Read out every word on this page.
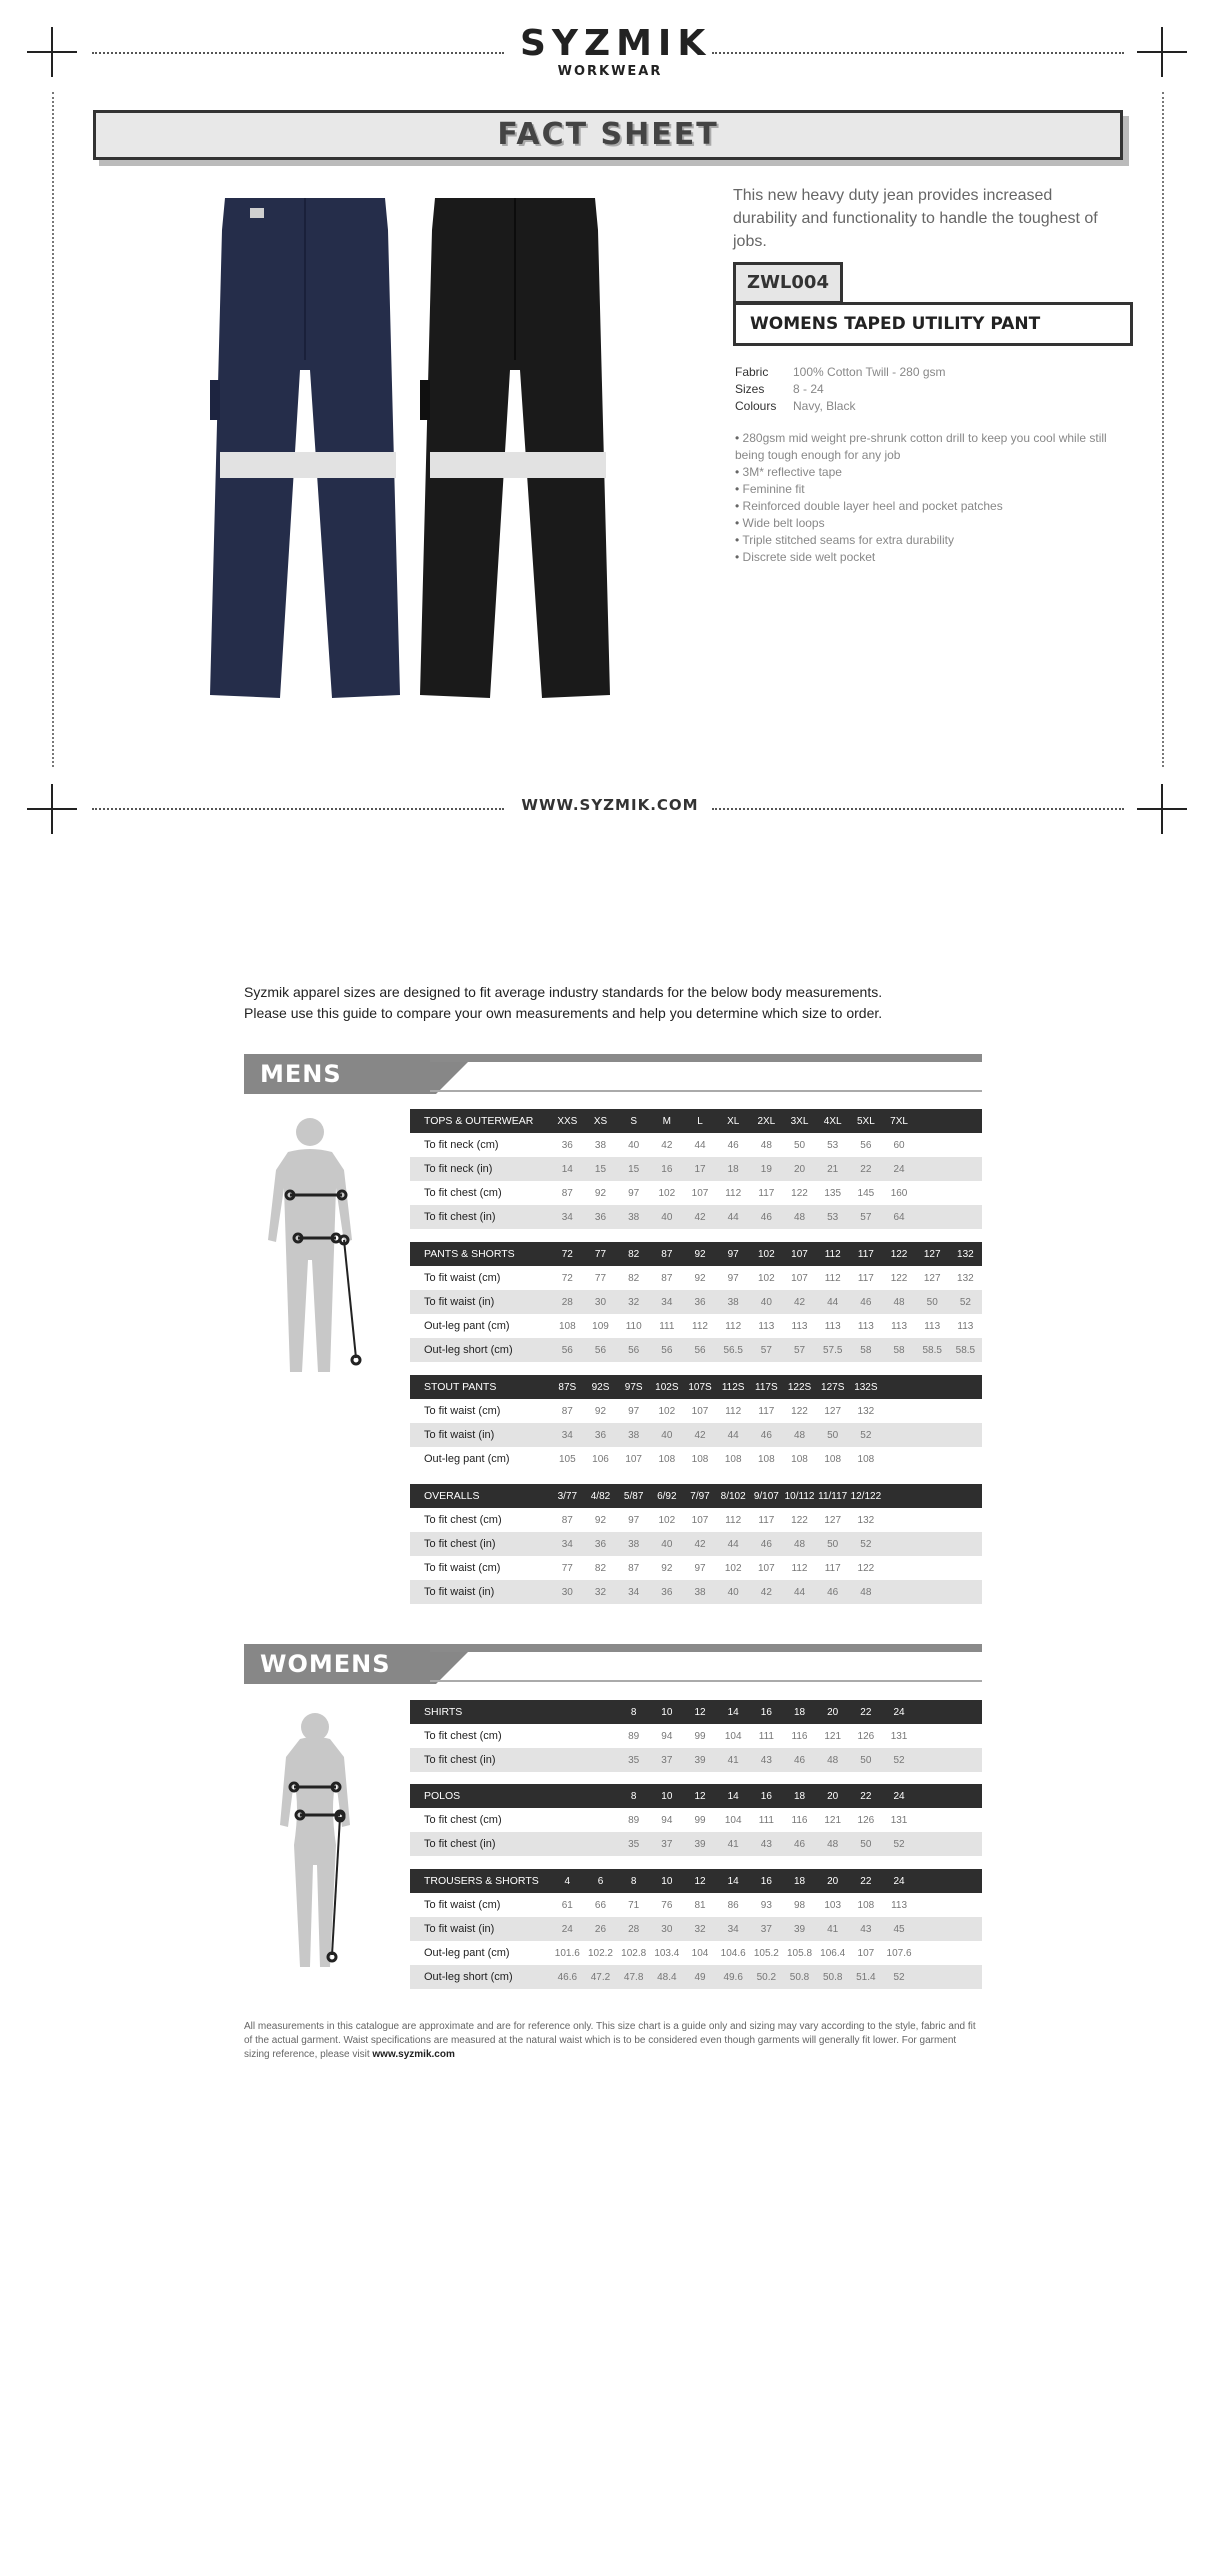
SYZMIK
WORKWEAR
FACT SHEET
This new heavy duty jean provides increased durability and functionality to handle the toughest of jobs.
ZWL004
WOMENS TAPED UTILITY PANT
Fabric 100% Cotton Twill - 280 gsm
Sizes 8 - 24
Colours Navy, Black
• 280gsm mid weight pre-shrunk cotton drill to keep you cool while still being tough enough for any job
• 3M* reflective tape
• Feminine fit
• Reinforced double layer heel and pocket patches
• Wide belt loops
• Triple stitched seams for extra durability
• Discrete side welt pocket
WWW.SYZMIK.COM
Syzmik apparel sizes are designed to fit average industry standards for the below body measurements.
Please use this guide to compare your own measurements and help you determine which size to order.
MENS
TOPS & OUTERWEAR	XXS	XS	S	M	L	XL	2XL	3XL	4XL	5XL	7XL		
To fit neck (cm)	36	38	40	42	44	46	48	50	53	56	60		
To fit neck (in)	14	15	15	16	17	18	19	20	21	22	24		
To fit chest (cm)	87	92	97	102	107	112	117	122	135	145	160		
To fit chest (in)	34	36	38	40	42	44	46	48	53	57	64		
PANTS & SHORTS	72	77	82	87	92	97	102	107	112	117	122	127	132
To fit waist (cm)	72	77	82	87	92	97	102	107	112	117	122	127	132
To fit waist (in)	28	30	32	34	36	38	40	42	44	46	48	50	52
Out-leg pant (cm)	108	109	110	111	112	112	113	113	113	113	113	113	113
Out-leg short (cm)	56	56	56	56	56	56.5	57	57	57.5	58	58	58.5	58.5
STOUT PANTS	87S	92S	97S	102S	107S	112S	117S	122S	127S	132S			
To fit waist (cm)	87	92	97	102	107	112	117	122	127	132			
To fit waist (in)	34	36	38	40	42	44	46	48	50	52			
Out-leg pant (cm)	105	106	107	108	108	108	108	108	108	108			
OVERALLS	3/77	4/82	5/87	6/92	7/97	8/102	9/107	10/112	11/117	12/122			
To fit chest (cm)	87	92	97	102	107	112	117	122	127	132			
To fit chest (in)	34	36	38	40	42	44	46	48	50	52			
To fit waist (cm)	77	82	87	92	97	102	107	112	117	122			
To fit waist (in)	30	32	34	36	38	40	42	44	46	48			
WOMENS
SHIRTS			8	10	12	14	16	18	20	22	24		
To fit chest (cm)			89	94	99	104	111	116	121	126	131		
To fit chest (in)			35	37	39	41	43	46	48	50	52		
POLOS			8	10	12	14	16	18	20	22	24		
To fit chest (cm)			89	94	99	104	111	116	121	126	131		
To fit chest (in)			35	37	39	41	43	46	48	50	52		
TROUSERS & SHORTS	4	6	8	10	12	14	16	18	20	22	24		
To fit waist (cm)	61	66	71	76	81	86	93	98	103	108	113		
To fit waist (in)	24	26	28	30	32	34	37	39	41	43	45		
Out-leg pant (cm)	101.6	102.2	102.8	103.4	104	104.6	105.2	105.8	106.4	107	107.6		
Out-leg short (cm)	46.6	47.2	47.8	48.4	49	49.6	50.2	50.8	50.8	51.4	52		
All measurements in this catalogue are approximate and are for reference only. This size chart is a guide only and sizing may vary according to the style, fabric and fit of the actual garment. Waist specifications are measured at the natural waist which is to be considered even though garments will generally fit lower. For garment sizing reference, please visit www.syzmik.com
